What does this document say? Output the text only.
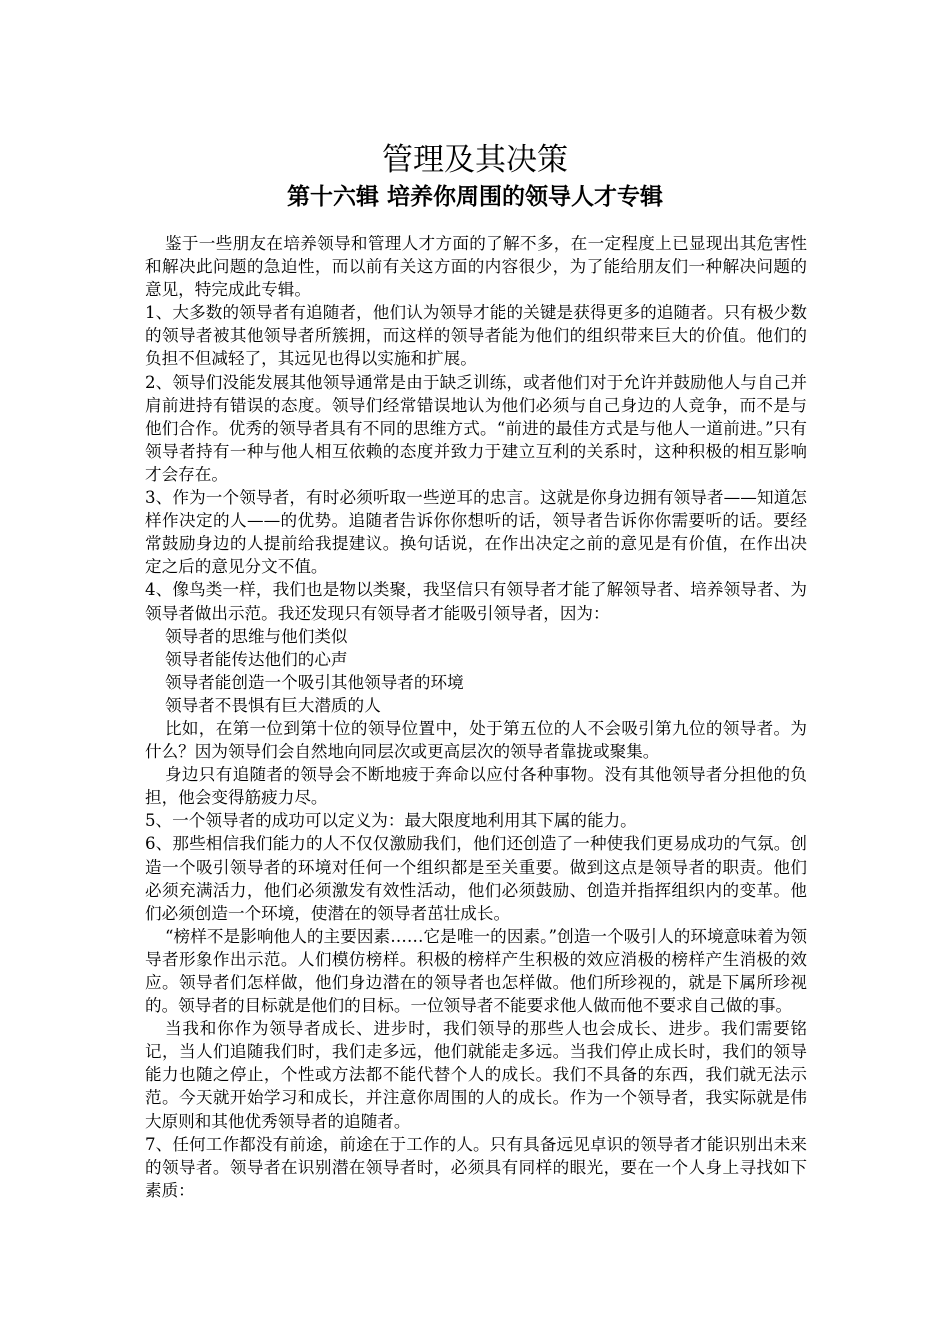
管理及其决策
第十六辑 培养你周围的领导人才专辑

鉴于一些朋友在培养领导和管理人才方面的了解不多，在一定程度上已显现出其危害性和解决此问题的急迫性，而以前有关这方面的内容很少，为了能给朋友们一种解决问题的意见，特完成此专辑。

1、大多数的领导者有追随者，他们认为领导才能的关键是获得更多的追随者。只有极少数的领导者被其他领导者所簇拥，而这样的领导者能为他们的组织带来巨大的价值。他们的负担不但减轻了，其远见也得以实施和扩展。

2、领导们没能发展其他领导通常是由于缺乏训练，或者他们对于允许并鼓励他人与自己并肩前进持有错误的态度。领导们经常错误地认为他们必须与自己身边的人竞争，而不是与他们合作。优秀的领导者具有不同的思维方式。“前进的最佳方式是与他人一道前进。”只有领导者持有一种与他人相互依赖的态度并致力于建立互利的关系时，这种积极的相互影响才会存在。

3、作为一个领导者，有时必须听取一些逆耳的忠言。这就是你身边拥有领导者——知道怎样作决定的人——的优势。追随者告诉你你想听的话，领导者告诉你你需要听的话。要经常鼓励身边的人提前给我提建议。换句话说，在作出决定之前的意见是有价值，在作出决定之后的意见分文不值。

4、像鸟类一样，我们也是物以类聚，我坚信只有领导者才能了解领导者、培养领导者、为领导者做出示范。我还发现只有领导者才能吸引领导者，因为：

领导者的思维与他们类似

领导者能传达他们的心声

领导者能创造一个吸引其他领导者的环境

领导者不畏惧有巨大潜质的人

比如，在第一位到第十位的领导位置中，处于第五位的人不会吸引第九位的领导者。为什么？因为领导们会自然地向同层次或更高层次的领导者靠拢或聚集。

身边只有追随者的领导会不断地疲于奔命以应付各种事物。没有其他领导者分担他的负担，他会变得筋疲力尽。

5、一个领导者的成功可以定义为：最大限度地利用其下属的能力。

6、那些相信我们能力的人不仅仅激励我们，他们还创造了一种使我们更易成功的气氛。创造一个吸引领导者的环境对任何一个组织都是至关重要。做到这点是领导者的职责。他们必须充满活力，他们必须激发有效性活动，他们必须鼓励、创造并指挥组织内的变革。他们必须创造一个环境，使潜在的领导者茁壮成长。

“榜样不是影响他人的主要因素……它是唯一的因素。”创造一个吸引人的环境意味着为领导者形象作出示范。人们模仿榜样。积极的榜样产生积极的效应消极的榜样产生消极的效应。领导者们怎样做，他们身边潜在的领导者也怎样做。他们所珍视的，就是下属所珍视的。领导者的目标就是他们的目标。一位领导者不能要求他人做而他不要求自己做的事。

当我和你作为领导者成长、进步时，我们领导的那些人也会成长、进步。我们需要铭记，当人们追随我们时，我们走多远，他们就能走多远。当我们停止成长时，我们的领导能力也随之停止，个性或方法都不能代替个人的成长。我们不具备的东西，我们就无法示范。今天就开始学习和成长，并注意你周围的人的成长。作为一个领导者，我实际就是伟大原则和其他优秀领导者的追随者。

7、任何工作都没有前途，前途在于工作的人。只有具备远见卓识的领导者才能识别出未来的领导者。领导者在识别潜在领导者时，必须具有同样的眼光，要在一个人身上寻找如下素质：
